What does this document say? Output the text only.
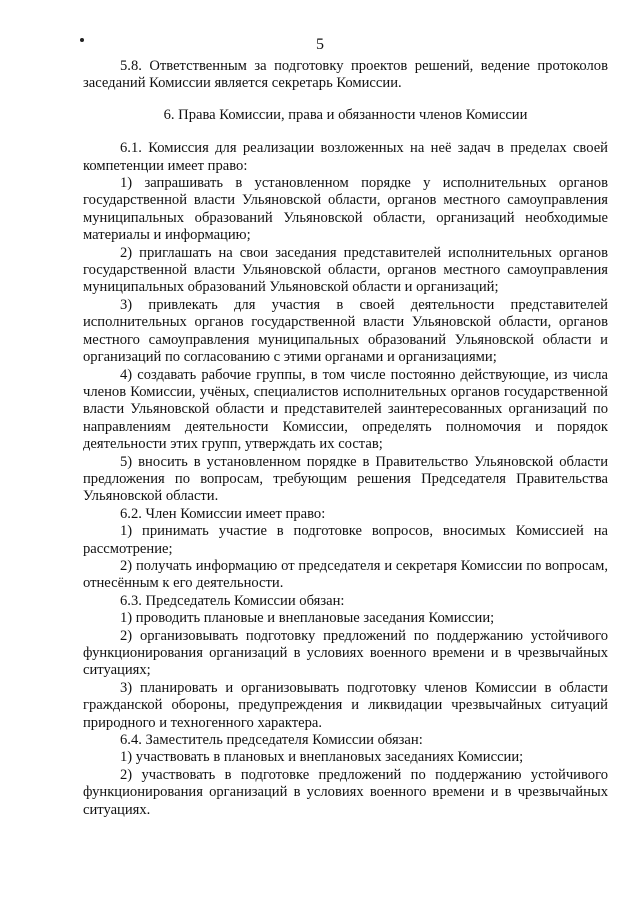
5

5.8. Ответственным за подготовку проектов решений, ведение протоколов заседаний Комиссии является секретарь Комиссии.

6. Права Комиссии, права и обязанности членов Комиссии

6.1. Комиссия для реализации возложенных на неё задач в пределах своей компетенции имеет право:

1) запрашивать в установленном порядке у исполнительных органов государственной власти Ульяновской области, органов местного самоуправления муниципальных образований Ульяновской области, организаций необходимые материалы и информацию;

2) приглашать на свои заседания представителей исполнительных органов государственной власти Ульяновской области, органов местного самоуправления муниципальных образований Ульяновской области и организаций;

3) привлекать для участия в своей деятельности представителей исполнительных органов государственной власти Ульяновской области, органов местного самоуправления муниципальных образований Ульяновской области и организаций по согласованию с этими органами и организациями;

4) создавать рабочие группы, в том числе постоянно действующие, из числа членов Комиссии, учёных, специалистов исполнительных органов государственной власти Ульяновской области и представителей заинтересованных организаций по направлениям деятельности Комиссии, определять полномочия и порядок деятельности этих групп, утверждать их состав;

5) вносить в установленном порядке в Правительство Ульяновской области предложения по вопросам, требующим решения Председателя Правительства Ульяновской области.

6.2. Член Комиссии имеет право:

1) принимать участие в подготовке вопросов, вносимых Комиссией на рассмотрение;

2) получать информацию от председателя и секретаря Комиссии по вопросам, отнесённым к его деятельности.

6.3. Председатель Комиссии обязан:

1) проводить плановые и внеплановые заседания Комиссии;

2) организовывать подготовку предложений по поддержанию устойчивого функционирования организаций в условиях военного времени и в чрезвычайных ситуациях;

3) планировать и организовывать подготовку членов Комиссии в области гражданской обороны, предупреждения и ликвидации чрезвычайных ситуаций природного и техногенного характера.

6.4. Заместитель председателя Комиссии обязан:

1) участвовать в плановых и внеплановых заседаниях Комиссии;

2) участвовать в подготовке предложений по поддержанию устойчивого функционирования организаций в условиях военного времени и в чрезвычайных ситуациях.
